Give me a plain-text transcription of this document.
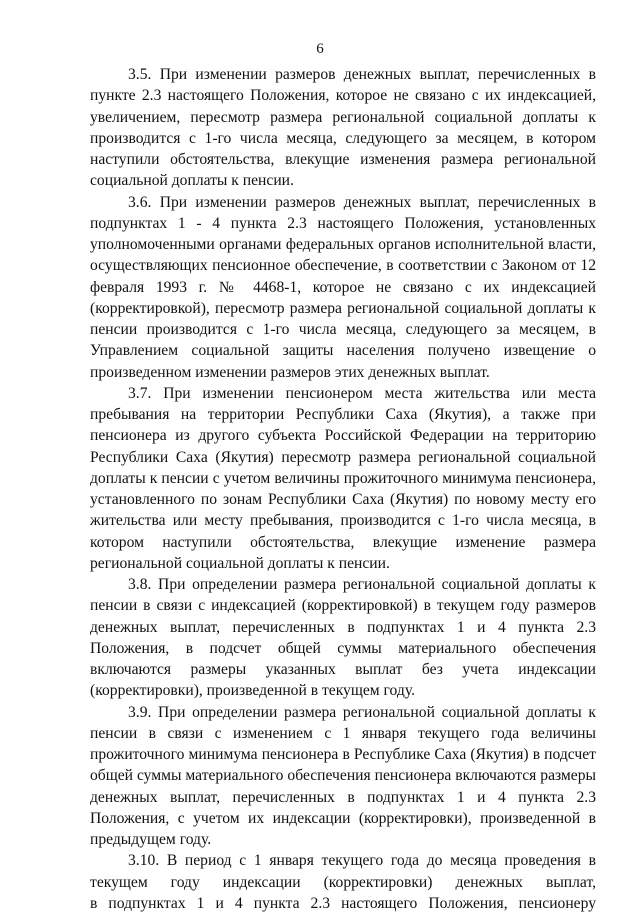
6
3.5. При изменении размеров денежных выплат, перечисленных в
пункте 2.3 настоящего Положения, которое не связано с их индексацией,
увеличением, пересмотр размера региональной социальной доплаты к
производится с 1-го числа месяца, следующего за месяцем, в котором
наступили обстоятельства, влекущие изменения размера региональной
социальной доплаты к пенсии.
3.6. При изменении размеров денежных выплат, перечисленных в
подпунктах 1 - 4 пункта 2.3 настоящего Положения, установленных
уполномоченными органами федеральных органов исполнительной власти,
осуществляющих пенсионное обеспечение, в соответствии с Законом от 12
февраля 1993 г. № 4468-1, которое не связано с их индексацией
(корректировкой), пересмотр размера региональной социальной доплаты к
пенсии производится с 1-го числа месяца, следующего за месяцем, в
Управлением социальной защиты населения получено извещение о
произведенном изменении размеров этих денежных выплат.
3.7. При изменении пенсионером места жительства или места
пребывания на территории Республики Саха (Якутия), а также при
пенсионера из другого субъекта Российской Федерации на территорию
Республики Саха (Якутия) пересмотр размера региональной социальной
доплаты к пенсии с учетом величины прожиточного минимума пенсионера,
установленного по зонам Республики Саха (Якутия) по новому месту его
жительства или месту пребывания, производится с 1-го числа месяца, в
котором наступили обстоятельства, влекущие изменение размера
региональной социальной доплаты к пенсии.
3.8. При определении размера региональной социальной доплаты к
пенсии в связи с индексацией (корректировкой) в текущем году размеров
денежных выплат, перечисленных в подпунктах 1 и 4 пункта 2.3
Положения, в подсчет общей суммы материального обеспечения
включаются размеры указанных выплат без учета индексации
(корректировки), произведенной в текущем году.
3.9. При определении размера региональной социальной доплаты к
пенсии в связи с изменением с 1 января текущего года величины
прожиточного минимума пенсионера в Республике Саха (Якутия) в подсчет
общей суммы материального обеспечения пенсионера включаются размеры
денежных выплат, перечисленных в подпунктах 1 и 4 пункта 2.3
Положения, с учетом их индексации (корректировки), произведенной в
предыдущем году.
3.10. В период с 1 января текущего года до месяца проведения в
текущем году индексации (корректировки) денежных выплат,
в подпунктах 1 и 4 пункта 2.3 настоящего Положения, пенсионеру
